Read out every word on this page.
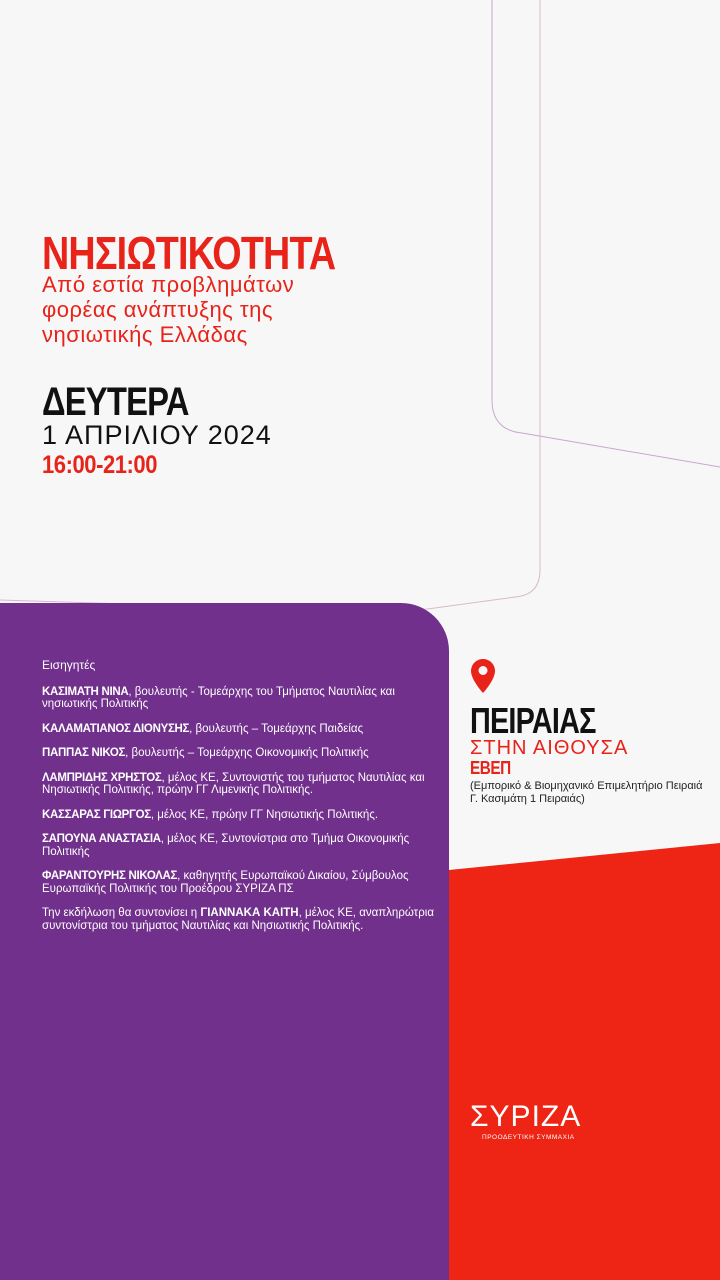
ΝΗΣΙΩΤΙΚΟΤΗΤΑ
Από εστία προβλημάτων
φορέας ανάπτυξης της
νησιωτικής Ελλάδας
ΔΕΥΤΕΡΑ
1 ΑΠΡΙΛΙΟΥ 2024
16:00-21:00
Εισηγητές
ΚΑΣΙΜΑΤΗ ΝΙΝΑ, βουλευτής - Τομεάρχης του Τμήματος Ναυτιλίας και νησιωτικής Πολιτικής
ΚΑΛΑΜΑΤΙΑΝΟΣ ΔΙΟΝΥΣΗΣ, βουλευτής – Τομεάρχης Παιδείας
ΠΑΠΠΑΣ ΝΙΚΟΣ, βουλευτής – Τομεάρχης Οικονομικής Πολιτικής
ΛΑΜΠΡΙΔΗΣ ΧΡΗΣΤΟΣ, μέλος ΚΕ, Συντονιστής του τμήματος Ναυτιλίας και Νησιωτικής Πολιτικής, πρώην ΓΓ Λιμενικής Πολιτικής.
ΚΑΣΣΑΡΑΣ ΓΙΩΡΓΟΣ, μέλος ΚΕ, πρώην ΓΓ Νησιωτικής Πολιτικής.
ΣΑΠΟΥΝΑ ΑΝΑΣΤΑΣΙΑ, μέλος ΚΕ, Συντονίστρια στο Τμήμα Οικονομικής Πολιτικής
ΦΑΡΑΝΤΟΥΡΗΣ ΝΙΚΟΛΑΣ, καθηγητής Ευρωπαϊκού Δικαίου, Σύμβουλος Ευρωπαϊκής Πολιτικής του Προέδρου ΣΥΡΙΖΑ ΠΣ
Την εκδήλωση θα συντονίσει η ΓΙΑΝΝΑΚΑ ΚΑΙΤΗ, μέλος ΚΕ, αναπληρώτρια συντονίστρια του τμήματος Ναυτιλίας και Νησιωτικής Πολιτικής.
ΠΕΙΡΑΙΑΣ
ΣΤΗΝ ΑΙΘΟΥΣΑ
ΕΒΕΠ
(Εμπορικό & Βιομηχανικό Επιμελητήριο Πειραιά Γ. Κασιμάτη 1 Πειραιάς)
ΣΥΡΙΖΑ
ΠΡΟΟΔΕΥΤΙΚΗ ΣΥΜΜΑΧΙΑ
